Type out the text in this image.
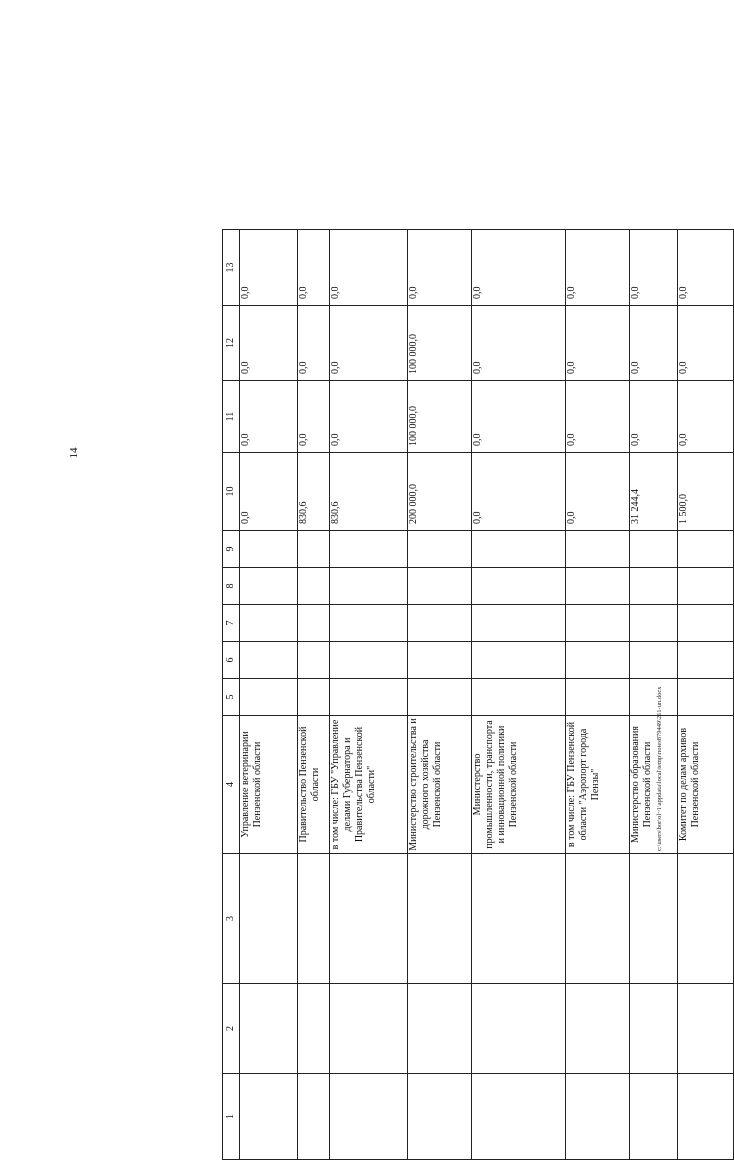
14
1	2	3	4	5	6	7	8	9	10	11	12	13
			Управление ветеринарии Пензенской области						0,0	0,0	0,0	0,0
			Правительство Пензенской области						830,6	0,0	0,0	0,0
			в том числе: ГБУ "Управление делами Губернатора и Правительства Пензенской области"						830,6	0,0	0,0	0,0
			Министерство строительства и дорожного хозяйства Пензенской области						200 000,0	100 000,0	100 000,0	0,0
			Министерство промышленности, транспорта и инновационной политики Пензенской области						0,0	0,0	0,0	0,0
			в том числе: ГБУ Пензенской области "Аэропорт города Пензы"						0,0	0,0	0,0	0,0
			Министерство образования Пензенской области						31 244,4	0,0	0,0	0,0
			Комитет по делам архивов Пензенской области						1 500,0	0,0	0,0	0,0
c:\users\bor\ol~1\appdata\local\temp\notes879449\211-un.docx
